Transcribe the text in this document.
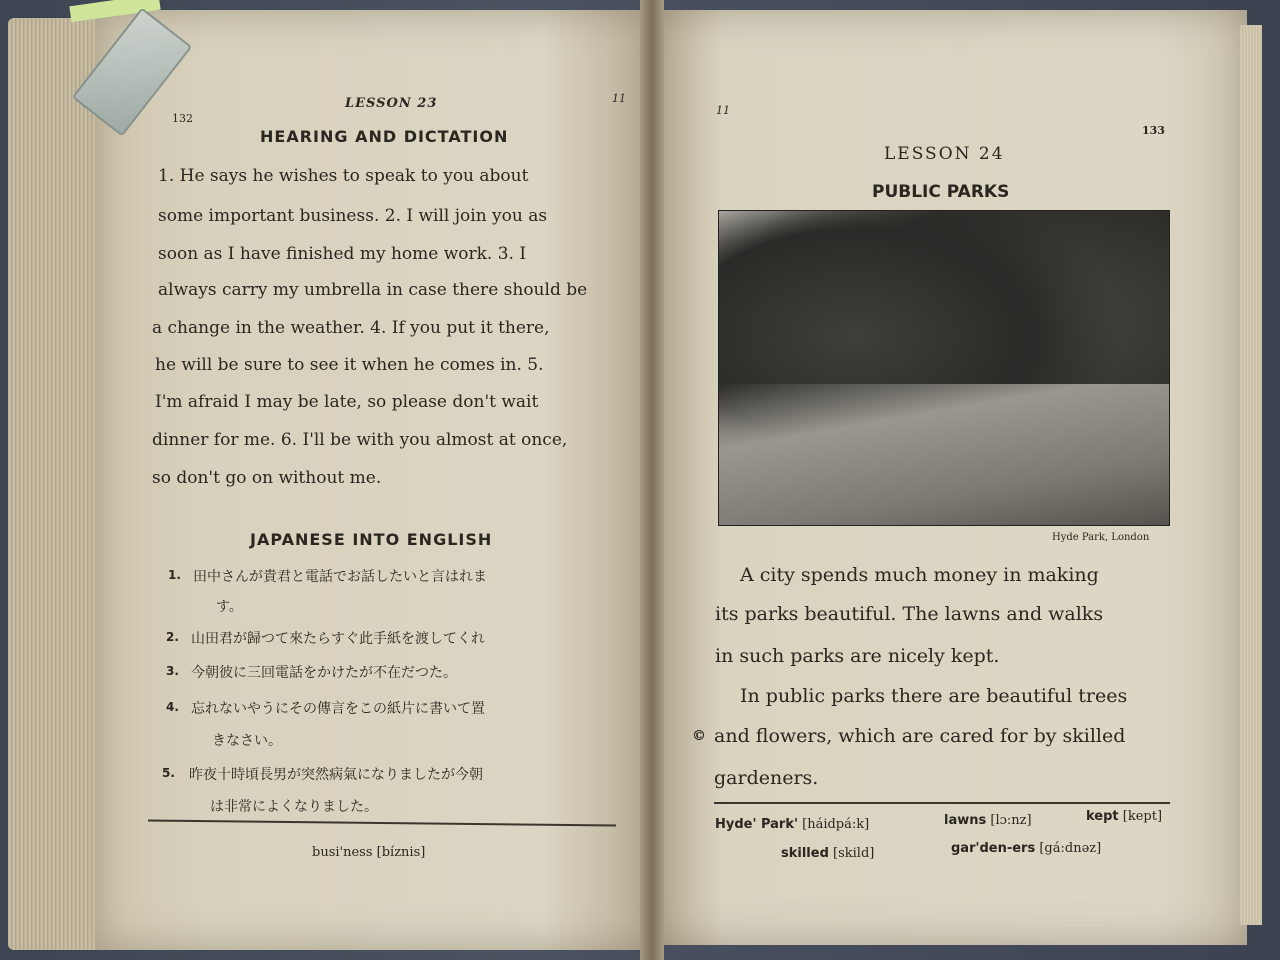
132
LESSON 23	11
HEARING AND DICTATION
1. He says he wishes to speak to you about
some important business. 2. I will join you as
soon as I have finished my home work. 3. I
always carry my umbrella in case there should be
a change in the weather. 4. If you put it there,
he will be sure to see it when he comes in. 5.
I'm afraid I may be late, so please don't wait
dinner for me. 6. I'll be with you almost at once,
so don't go on without me.
JAPANESE INTO ENGLISH
1. 田中さんが貴君と電話でお話したいと言はれま
す。
2. 山田君が歸つて來たらすぐ此手紙を渡してくれ
3. 今朝彼に三回電話をかけたが不在だつた。
4. 忘れないやうにその傳言をこの紙片に書いて置
きなさい。
5. 昨夜十時頃長男が突然病氣になりましたが今朝
は非常によくなりました。
busi'ness [bíznis]
11
133
LESSON 24
PUBLIC PARKS
Hyde Park, London
A city spends much money in making
its parks beautiful. The lawns and walks
in such parks are nicely kept.
In public parks there are beautiful trees
© and flowers, which are cared for by skilled
gardeners.
Hyde' Park' [háidpá:k]	lawns [lɔ:nz]	kept [kept]
skilled [skild]	gar'den-ers [gá:dnəz]
